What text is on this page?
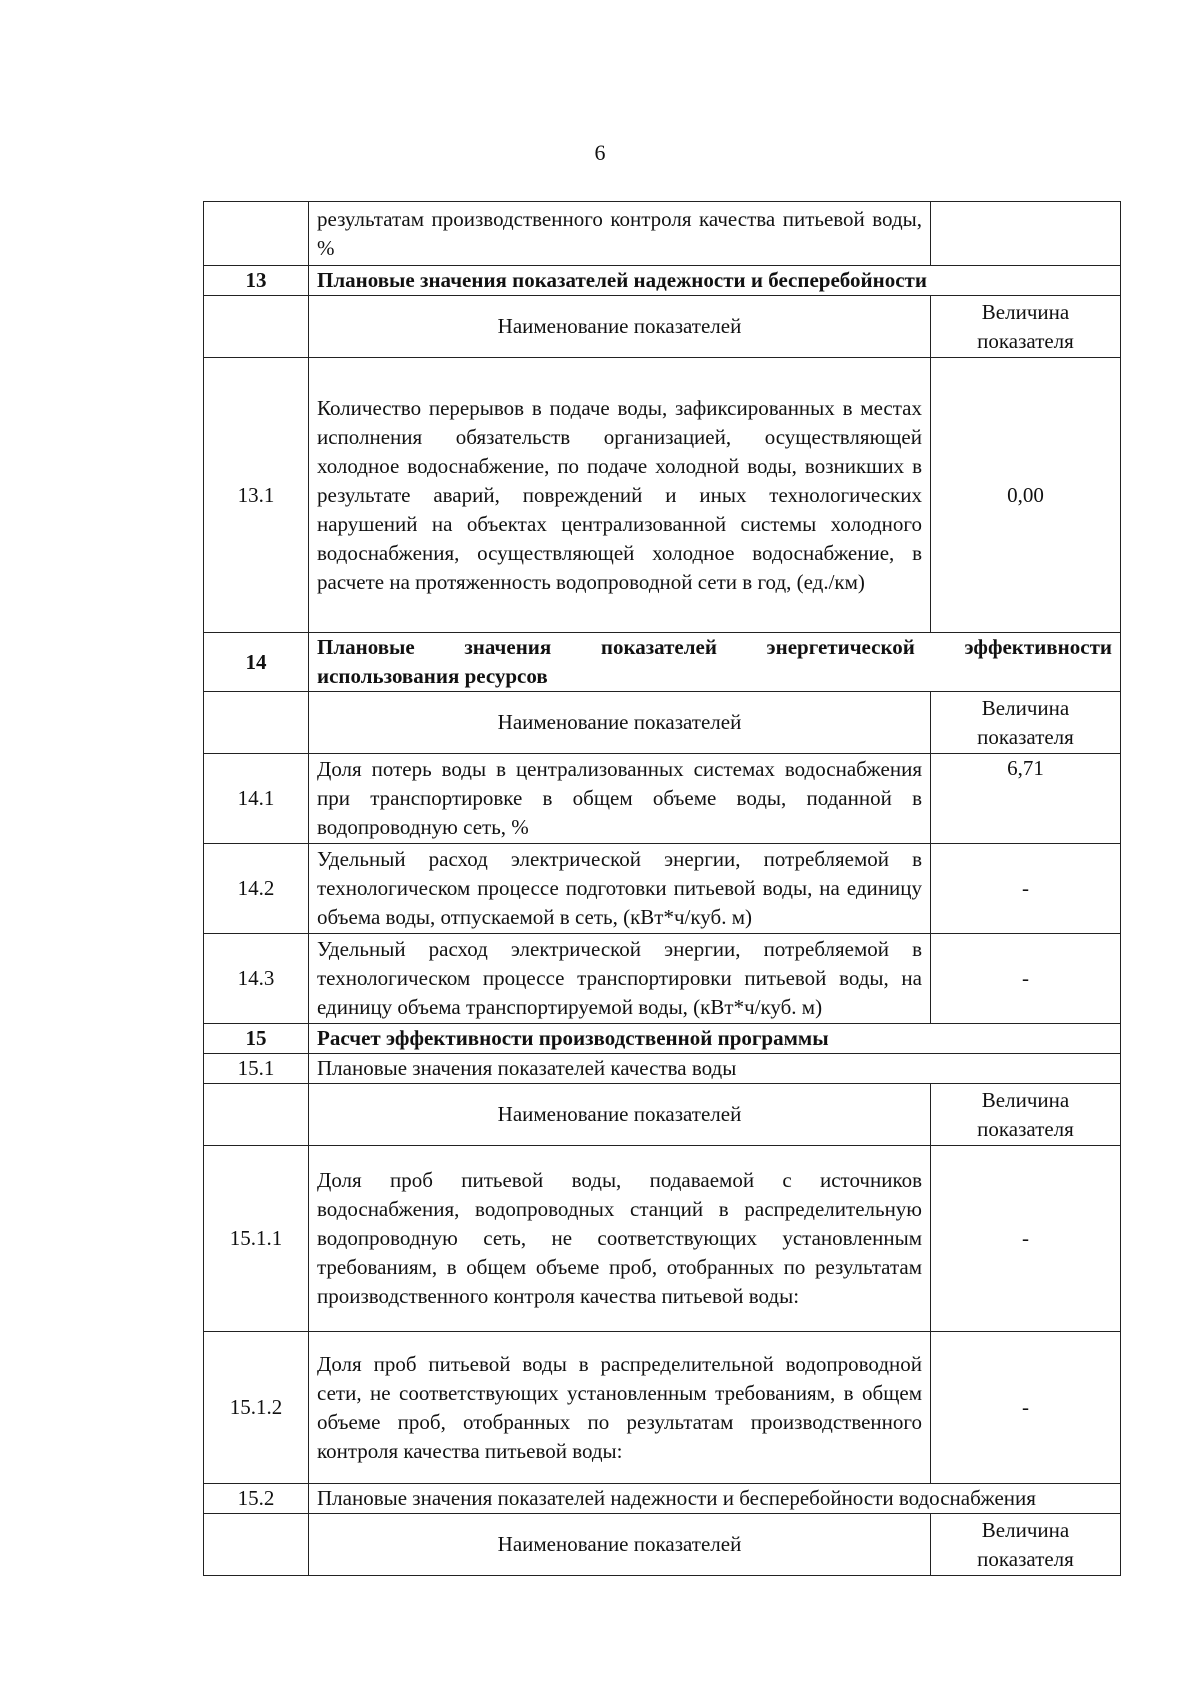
6
	результатам производственного контроля качества питьевой воды, %	
13	Плановые значения показателей надежности и бесперебойности	
	Наименование показателей	Величина показателя
13.1	Количество перерывов в подаче воды, зафиксированных в местах исполнения обязательств организацией, осуществляющей холодное водоснабжение, по подаче холодной воды, возникших в результате аварий, повреждений и иных технологических нарушений на объектах централизованной системы холодного водоснабжения, осуществляющей холодное водоснабжение, в расчете на протяженность водопроводной сети в год, (ед./км)	0,00
14	Плановые значения показателей энергетической эффективности
использования ресурсов	

	Наименование показателей	Величина показателя
14.1	Доля потерь воды в централизованных системах водоснабжения при транспортировке в общем объеме воды, поданной в водопроводную сеть, %	6,71
14.2	Удельный расход электрической энергии, потребляемой в технологическом процессе подготовки питьевой воды, на единицу объема воды, отпускаемой в сеть, (кВт*ч/куб. м)	-
14.3	Удельный расход электрической энергии, потребляемой в технологическом процессе транспортировки питьевой воды, на единицу объема транспортируемой воды, (кВт*ч/куб. м)	-
15	Расчет эффективности производственной программы	
15.1	Плановые значения показателей качества воды	
	Наименование показателей	Величина показателя
15.1.1	Доля проб питьевой воды, подаваемой с источников водоснабжения, водопроводных станций в распределительную водопроводную сеть, не соответствующих установленным требованиям, в общем объеме проб, отобранных по результатам производственного контроля качества питьевой воды:	-
15.1.2	Доля проб питьевой воды в распределительной водопроводной сети, не соответствующих установленным требованиям, в общем объеме проб, отобранных по результатам производственного контроля качества питьевой воды:	-
15.2	Плановые значения показателей надежности и бесперебойности водоснабжения	
	Наименование показателей	Величина показателя
